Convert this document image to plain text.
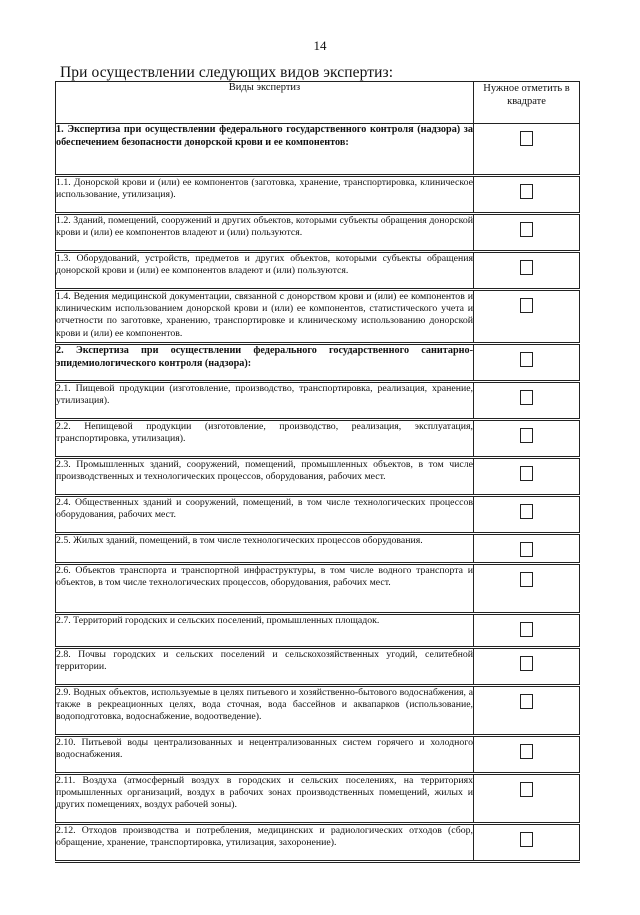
14
При осуществлении следующих видов экспертиз:
Виды экспертиз	Нужное отметить в квадрате
1. Экспертиза при осуществлении федерального государственного контроля (надзора) за обеспечением безопасности донорской крови и ее компонентов:	
1.1. Донорской крови и (или) ее компонентов (заготовка, хранение, транспортировка, клиническое использование, утилизация).	
1.2. Зданий, помещений, сооружений и других объектов, которыми субъекты обращения донорской крови и (или) ее компонентов владеют и (или) пользуются.	
1.3. Оборудований, устройств, предметов и других объектов, которыми субъекты обращения донорской крови и (или) ее компонентов владеют и (или) пользуются.	
1.4. Ведения медицинской документации, связанной с донорством крови и (или) ее компонентов и клиническим использованием донорской крови и (или) ее компонентов, статистического учета и отчетности по заготовке, хранению, транспортировке и клиническому использованию донорской крови и (или) ее компонентов.	
2. Экспертиза при осуществлении федерального государственного санитарно-эпидемиологического контроля (надзора):	
2.1. Пищевой продукции (изготовление, производство, транспортировка, реализация, хранение, утилизация).	
2.2. Непищевой продукции (изготовление, производство, реализация, эксплуатация, транспортировка, утилизация).	
2.3. Промышленных зданий, сооружений, помещений, промышленных объектов, в том числе производственных и технологических процессов, оборудования, рабочих мест.	
2.4. Общественных зданий и сооружений, помещений, в том числе технологических процессов оборудования, рабочих мест.	
2.5. Жилых зданий, помещений, в том числе технологических процессов оборудования.	
2.6. Объектов транспорта и транспортной инфраструктуры, в том числе водного транспорта и объектов, в том числе технологических процессов, оборудования, рабочих мест.	
2.7. Территорий городских и сельских поселений, промышленных площадок.	
2.8. Почвы городских и сельских поселений и сельскохозяйственных угодий, селитебной территории.	
2.9. Водных объектов, используемые в целях питьевого и хозяйственно-бытового водоснабжения, а также в рекреационных целях, вода сточная, вода бассейнов и аквапарков (использование, водоподготовка, водоснабжение, водоотведение).	
2.10. Питьевой воды централизованных и нецентрализованных систем горячего и холодного водоснабжения.	
2.11. Воздуха (атмосферный воздух в городских и сельских поселениях, на территориях промышленных организаций, воздух в рабочих зонах производственных помещений, жилых и других помещениях, воздух рабочей зоны).	
2.12. Отходов производства и потребления, медицинских и радиологических отходов (сбор, обращение, хранение, транспортировка, утилизация, захоронение).	
